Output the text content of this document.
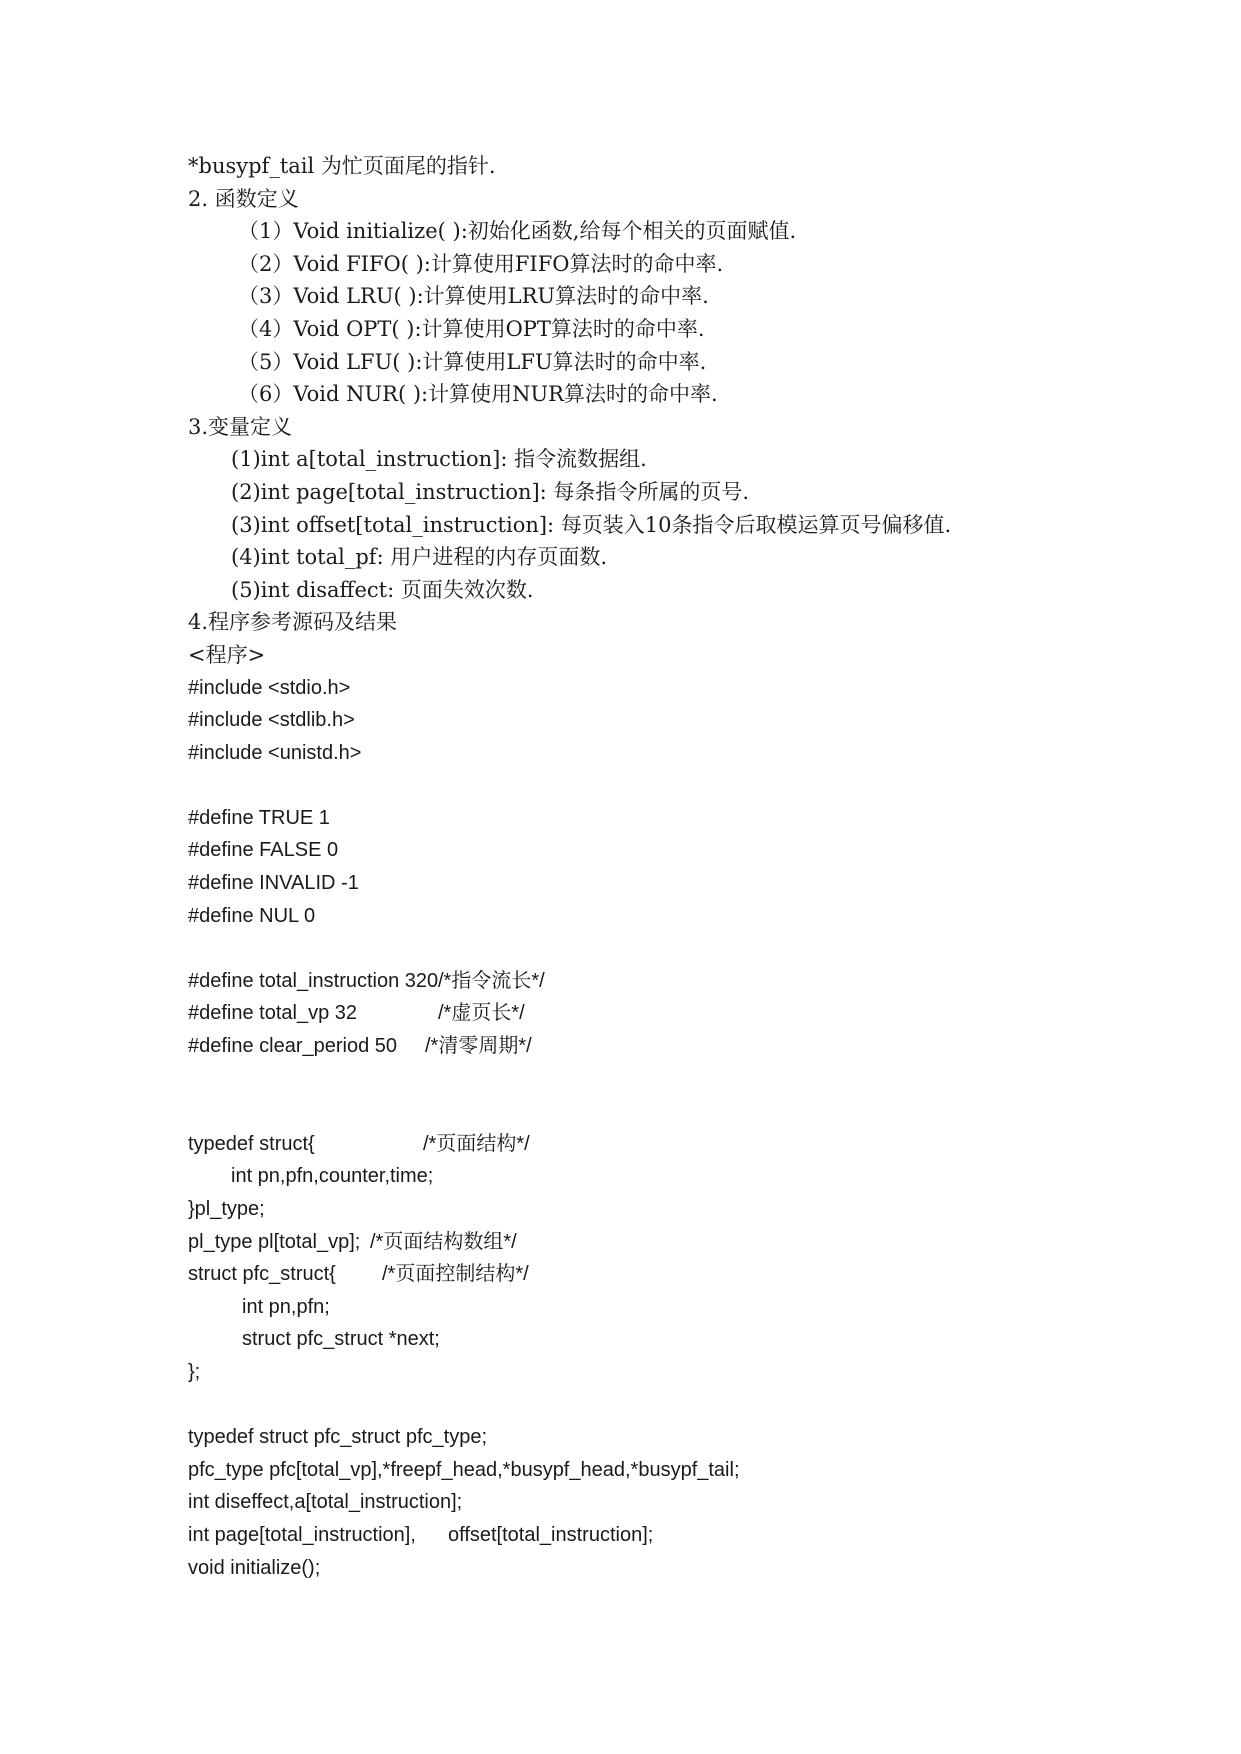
*busypf_tail 为忙页面尾的指针.
2. 函数定义
（1）Void initialize( ):初始化函数,给每个相关的页面赋值.
（2）Void FIFO( ):计算使用FIFO算法时的命中率.
（3）Void LRU( ):计算使用LRU算法时的命中率.
（4）Void OPT( ):计算使用OPT算法时的命中率.
（5）Void LFU( ):计算使用LFU算法时的命中率.
（6）Void NUR( ):计算使用NUR算法时的命中率.
3.变量定义
(1)int a[total_instruction]: 指令流数据组.
(2)int page[total_instruction]: 每条指令所属的页号.
(3)int offset[total_instruction]: 每页装入10条指令后取模运算页号偏移值.
(4)int total_pf: 用户进程的内存页面数.
(5)int disaffect: 页面失效次数.
4.程序参考源码及结果
<程序>
#include <stdio.h>
#include <stdlib.h>
#include <unistd.h>
#define TRUE 1
#define FALSE 0
#define INVALID -1
#define NUL 0
#define total_instruction 320 /*指令流长*/
#define total_vp 32	/*虚页长*/
#define clear_period 50 /*清零周期*/
typedef struct{	/*页面结构*/
int pn,pfn,counter,time;
}pl_type;
pl_type pl[total_vp]; /*页面结构数组*/
struct pfc_struct{ /*页面控制结构*/
int pn,pfn;
struct pfc_struct *next;
};
typedef struct pfc_struct pfc_type;
pfc_type pfc[total_vp],*freepf_head,*busypf_head,*busypf_tail;
int diseffect,a[total_instruction];
int page[total_instruction], offset[total_instruction];
void initialize();
